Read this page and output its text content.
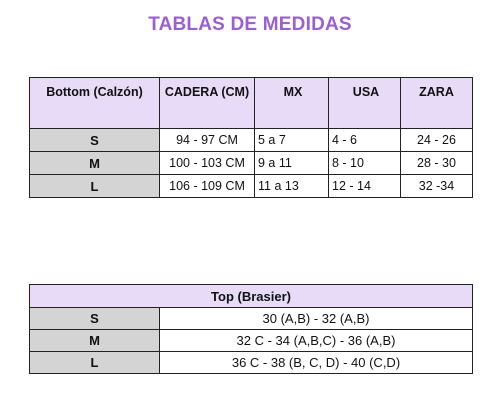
TABLAS DE MEDIDAS
Bottom (Calzón)	CADERA (CM)	MX	USA	ZARA
S	94 - 97 CM	5 a 7	4 - 6	24 - 26
M	100 - 103 CM	9 a 11	8 - 10	28 - 30
L	106 - 109 CM	11 a 13	12 - 14	32 -34
Top (Brasier)	
S	30 (A,B) - 32 (A,B)
M	32 C - 34 (A,B,C) - 36 (A,B)
L	36 C - 38 (B, C, D) - 40 (C,D)
